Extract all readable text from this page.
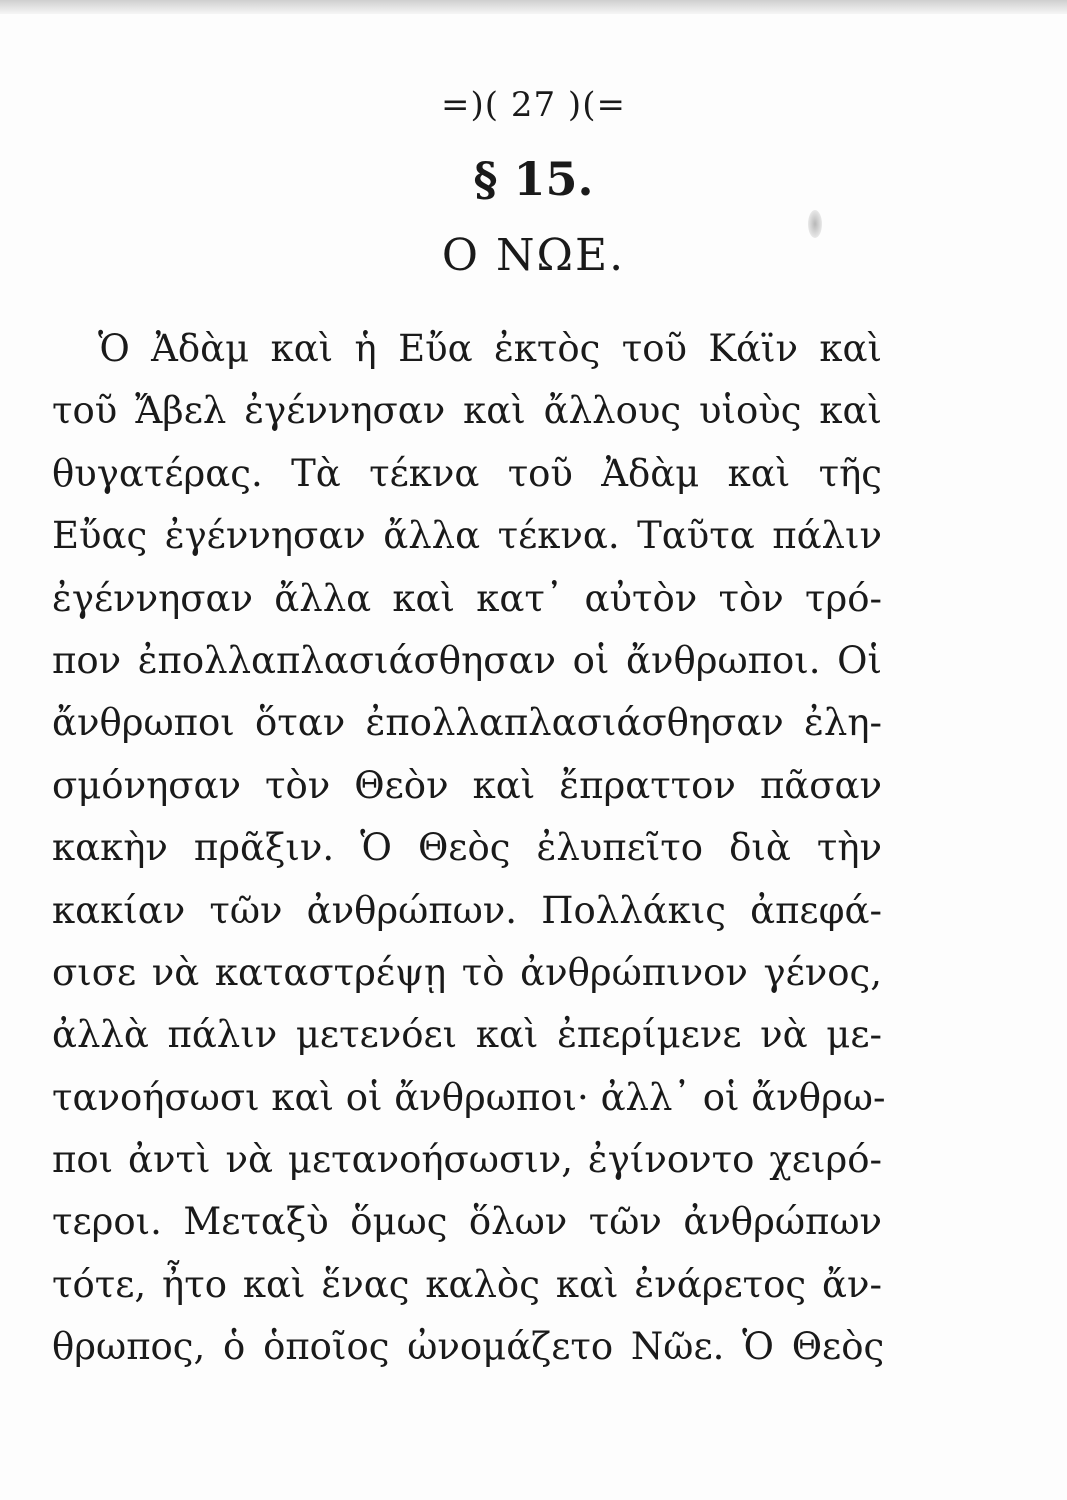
=)( 27 )(=
§ 15.
Ο ΝΩΕ.
Ὁ Ἀδὰμ καὶ ἡ Εὔα ἐκτὸς τοῦ Κάϊν καὶ
τοῦ Ἄβελ ἐγέννησαν καὶ ἄλλους υἱοὺς καὶ
θυγατέρας. Τὰ τέκνα τοῦ Ἀδὰμ καὶ τῆς
Εὔας ἐγέννησαν ἄλλα τέκνα. Ταῦτα πάλιν
ἐγέννησαν ἄλλα καὶ κατ᾽ αὐτὸν τὸν τρό-
πον ἐπολλαπλασιάσθησαν οἱ ἄνθρωποι. Οἱ
ἄνθρωποι ὅταν ἐπολλαπλασιάσθησαν ἐλη-
σμόνησαν τὸν Θεὸν καὶ ἔπραττον πᾶσαν
κακὴν πρᾶξιν. Ὁ Θεὸς ἐλυπεῖτο διὰ τὴν
κακίαν τῶν ἀνθρώπων. Πολλάκις ἀπεφά-
σισε νὰ καταστρέψῃ τὸ ἀνθρώπινον γένος,
ἀλλὰ πάλιν μετενόει καὶ ἐπερίμενε νὰ με-
τανοήσωσι καὶ οἱ ἄνθρωποι· ἀλλ᾽ οἱ ἄνθρω-
ποι ἀντὶ νὰ μετανοήσωσιν, ἐγίνοντο χειρό-
τεροι. Μεταξὺ ὅμως ὅλων τῶν ἀνθρώπων
τότε, ἦτο καὶ ἕνας καλὸς καὶ ἐνάρετος ἄν-
θρωπος, ὁ ὁποῖος ὠνομάζετο Νῶε. Ὁ Θεὸς
